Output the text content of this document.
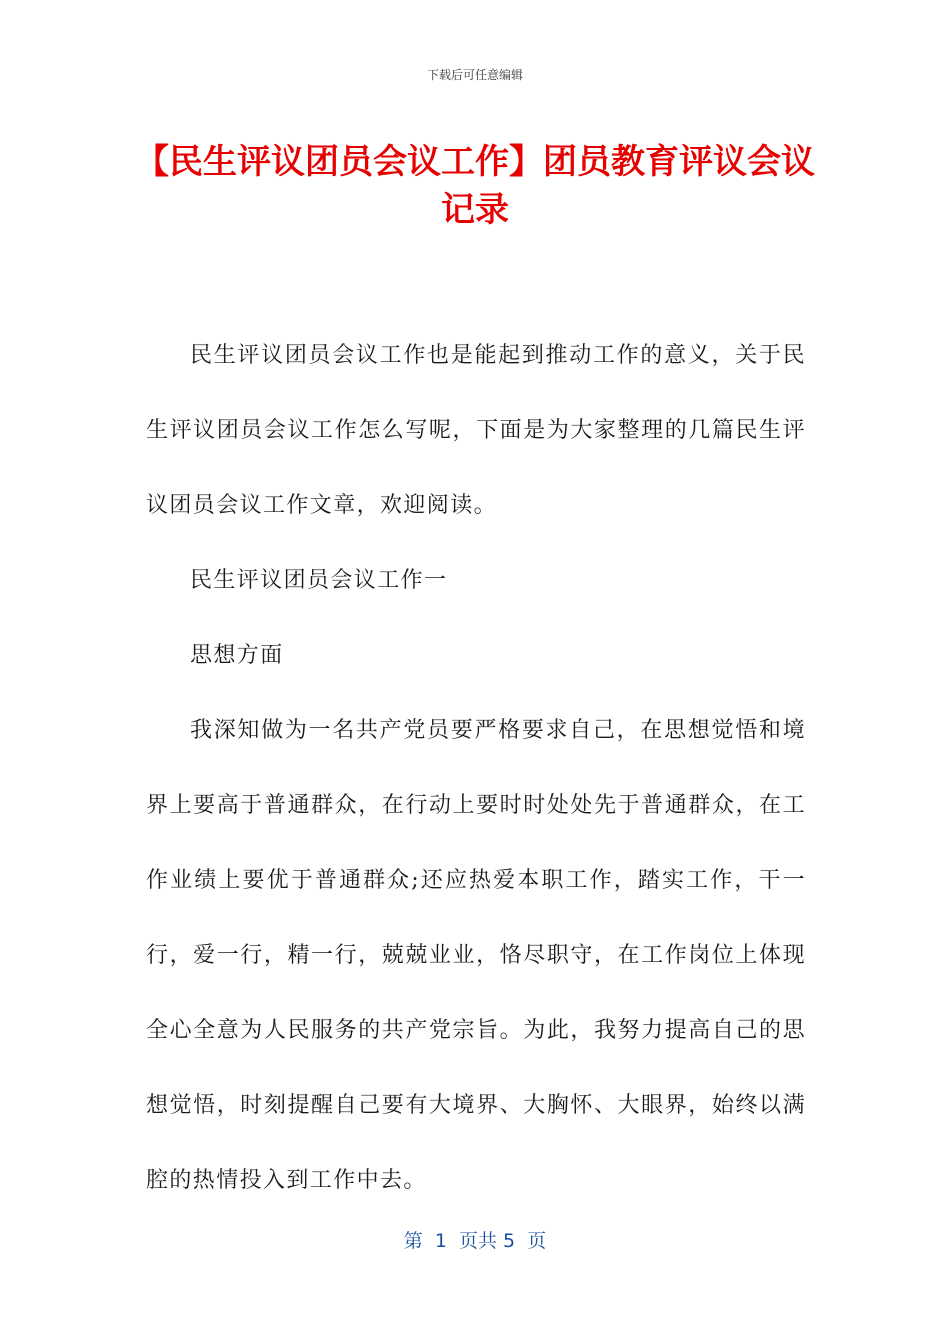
下载后可任意编辑
【民生评议团员会议工作】团员教育评议会议记录

民生评议团员会议工作也是能起到推动工作的意义，关于民生评议团员会议工作怎么写呢，下面是为大家整理的几篇民生评议团员会议工作文章，欢迎阅读。

民生评议团员会议工作一

思想方面

我深知做为一名共产党员要严格要求自己，在思想觉悟和境界上要高于普通群众，在行动上要时时处处先于普通群众，在工作业绩上要优于普通群众;还应热爱本职工作，踏实工作，干一行，爱一行，精一行，兢兢业业，恪尽职守，在工作岗位上体现全心全意为人民服务的共产党宗旨。为此，我努力提高自己的思想觉悟，时刻提醒自己要有大境界、大胸怀、大眼界，始终以满腔的热情投入到工作中去。

第  1  页共 5  页
